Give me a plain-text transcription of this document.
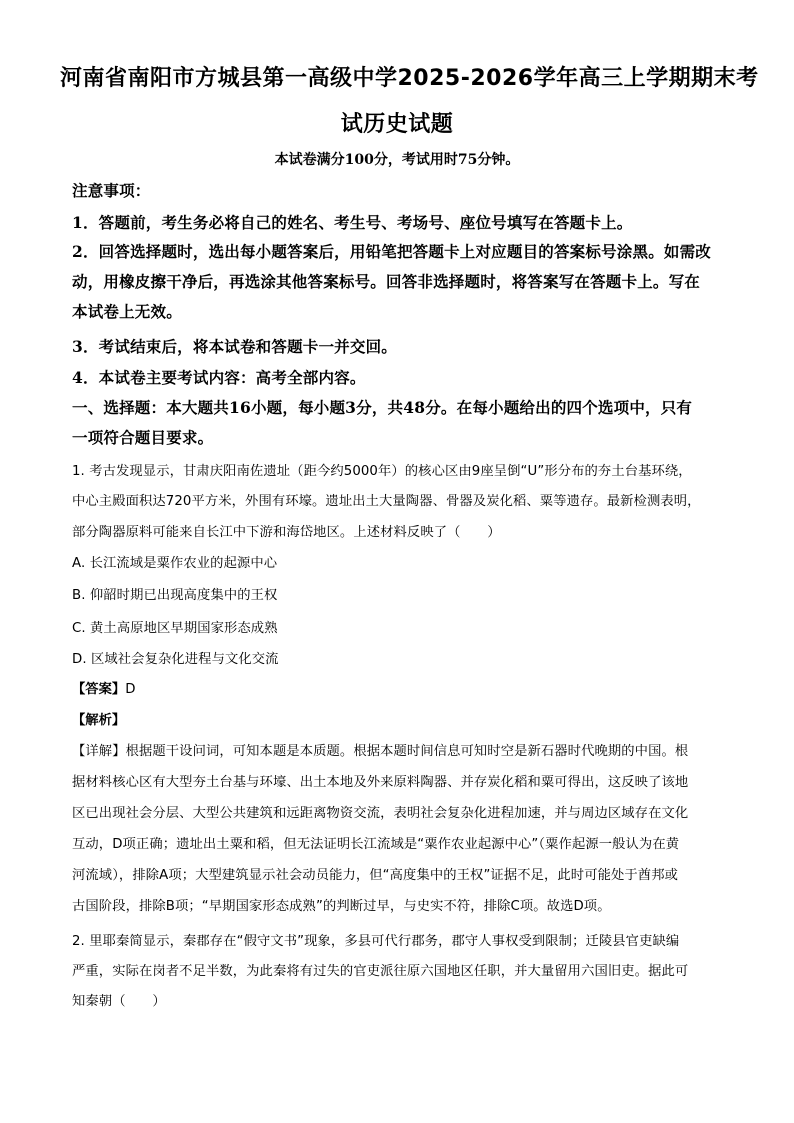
河南省南阳市方城县第一高级中学2025-2026学年高三上学期期末考
试历史试题
本试卷满分100分，考试用时75分钟。
注意事项：
1．答题前，考生务必将自己的姓名、考生号、考场号、座位号填写在答题卡上。
2．回答选择题时，选出每小题答案后，用铅笔把答题卡上对应题目的答案标号涂黑。如需改
动，用橡皮擦干净后，再选涂其他答案标号。回答非选择题时，将答案写在答题卡上。写在
本试卷上无效。
3．考试结束后，将本试卷和答题卡一并交回。
4．本试卷主要考试内容：高考全部内容。
一、选择题：本大题共16小题，每小题3分，共48分。在每小题给出的四个选项中，只有
一项符合题目要求。
1. 考古发现显示，甘肃庆阳南佐遗址（距今约5000年）的核心区由9座呈倒“U”形分布的夯土台基环绕，
中心主殿面积达720平方米，外围有环壕。遗址出土大量陶器、骨器及炭化稻、粟等遗存。最新检测表明，
部分陶器原料可能来自长江中下游和海岱地区。上述材料反映了（　　）
A. 长江流域是粟作农业的起源中心
B. 仰韶时期已出现高度集中的王权
C. 黄土高原地区早期国家形态成熟
D. 区域社会复杂化进程与文化交流
【答案】D
【解析】
【详解】根据题干设问词，可知本题是本质题。根据本题时间信息可知时空是新石器时代晚期的中国。根
据材料核心区有大型夯土台基与环壕、出土本地及外来原料陶器、并存炭化稻和粟可得出，这反映了该地
区已出现社会分层、大型公共建筑和远距离物资交流，表明社会复杂化进程加速，并与周边区域存在文化
互动，D项正确；遗址出土粟和稻，但无法证明长江流域是“粟作农业起源中心”（粟作起源一般认为在黄
河流域），排除A项；大型建筑显示社会动员能力，但“高度集中的王权”证据不足，此时可能处于酋邦或
古国阶段，排除B项；“早期国家形态成熟”的判断过早，与史实不符，排除C项。故选D项。
2. 里耶秦简显示，秦郡存在“假守文书”现象，多县可代行郡务，郡守人事权受到限制；迁陵县官吏缺编
严重，实际在岗者不足半数，为此秦将有过失的官吏派往原六国地区任职，并大量留用六国旧吏。据此可
知秦朝（　　）
